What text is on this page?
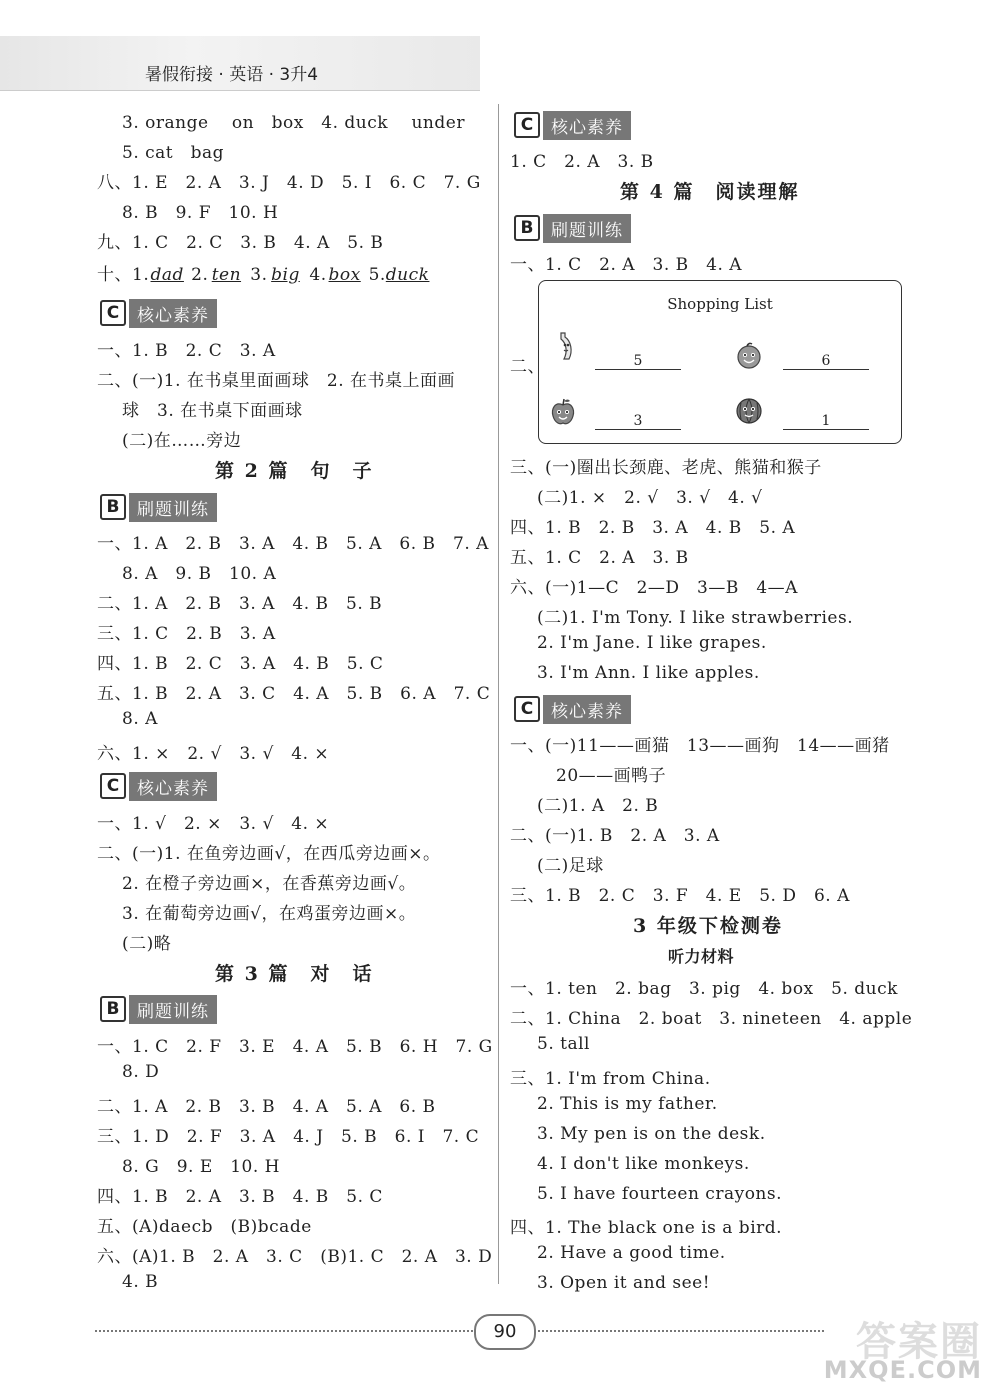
暑假衔接 · 英语 · 3升4
3. orange　 on　box　4. duck　 under
5. cat　bag
八、1. E　2. A　3. J　4. D　5. I　6. C　7. G
8. B　9. F　10. H
九、1. C　2. C　3. B　4. A　5. B
十、1.dad 2. ten 3. big 4. box 5.duck
C	核心素养
一、1. B　2. C　3. A
二、(一)1. 在书桌里面画球　2. 在书桌上面画
球　3. 在书桌下面画球
(二)在……旁边
第 2 篇　句　子
B	刷题训练
一、1. A　2. B　3. A　4. B　5. A　6. B　7. A
8. A　9. B　10. A
二、1. A　2. B　3. A　4. B　5. B
三、1. C　2. B　3. A
四、1. B　2. C　3. A　4. B　5. C
五、1. B　2. A　3. C　4. A　5. B　6. A　7. C
8. A
六、1. ×　2. √　3. √　4. ×
C	核心素养
一、1. √　2. ×　3. √　4. ×
二、(一)1. 在鱼旁边画√，在西瓜旁边画×。
2. 在橙子旁边画×，在香蕉旁边画√。
3. 在葡萄旁边画√，在鸡蛋旁边画×。
(二)略
第 3 篇　对　话
B	刷题训练
一、1. C　2. F　3. E　4. A　5. B　6. H　7. G
8. D
二、1. A　2. B　3. B　4. A　5. A　6. B
三、1. D　2. F　3. A　4. J　5. B　6. I　7. C
8. G　9. E　10. H
四、1. B　2. A　3. B　4. B　5. C
五、(A)daecb　(B)bcade
六、(A)1. B　2. A　3. C　(B)1. C　2. A　3. D
4. B
C	核心素养
1. C　2. A　3. B
第 4 篇　阅读理解
B	刷题训练
一、1. C　2. A　3. B　4. A
二、
Shopping List
5	6
3	1
三、(一)圈出长颈鹿、老虎、熊猫和猴子
(二)1. ×　2. √　3. √　4. √
四、1. B　2. B　3. A　4. B　5. A
五、1. C　2. A　3. B
六、(一)1—C　2—D　3—B　4—A
(二)1. I'm Tony. I like strawberries.
2. I'm Jane. I like grapes.
3. I'm Ann. I like apples.
C	核心素养
一、(一)11——画猫　13——画狗　14——画猪
20——画鸭子
(二)1. A　2. B
二、(一)1. B　2. A　3. A
(二)足球
三、1. B　2. C　3. F　4. E　5. D　6. A
3 年级下检测卷
听力材料
一、1. ten　2. bag　3. pig　4. box　5. duck
二、1. China　2. boat　3. nineteen　4. apple
5. tall
三、1. I'm from China.
2. This is my father.
3. My pen is on the desk.
4. I don't like monkeys.
5. I have fourteen crayons.
四、1. The black one is a bird.
2. Have a good time.
3. Open it and see!
90	答案圈
MXQE.COM
